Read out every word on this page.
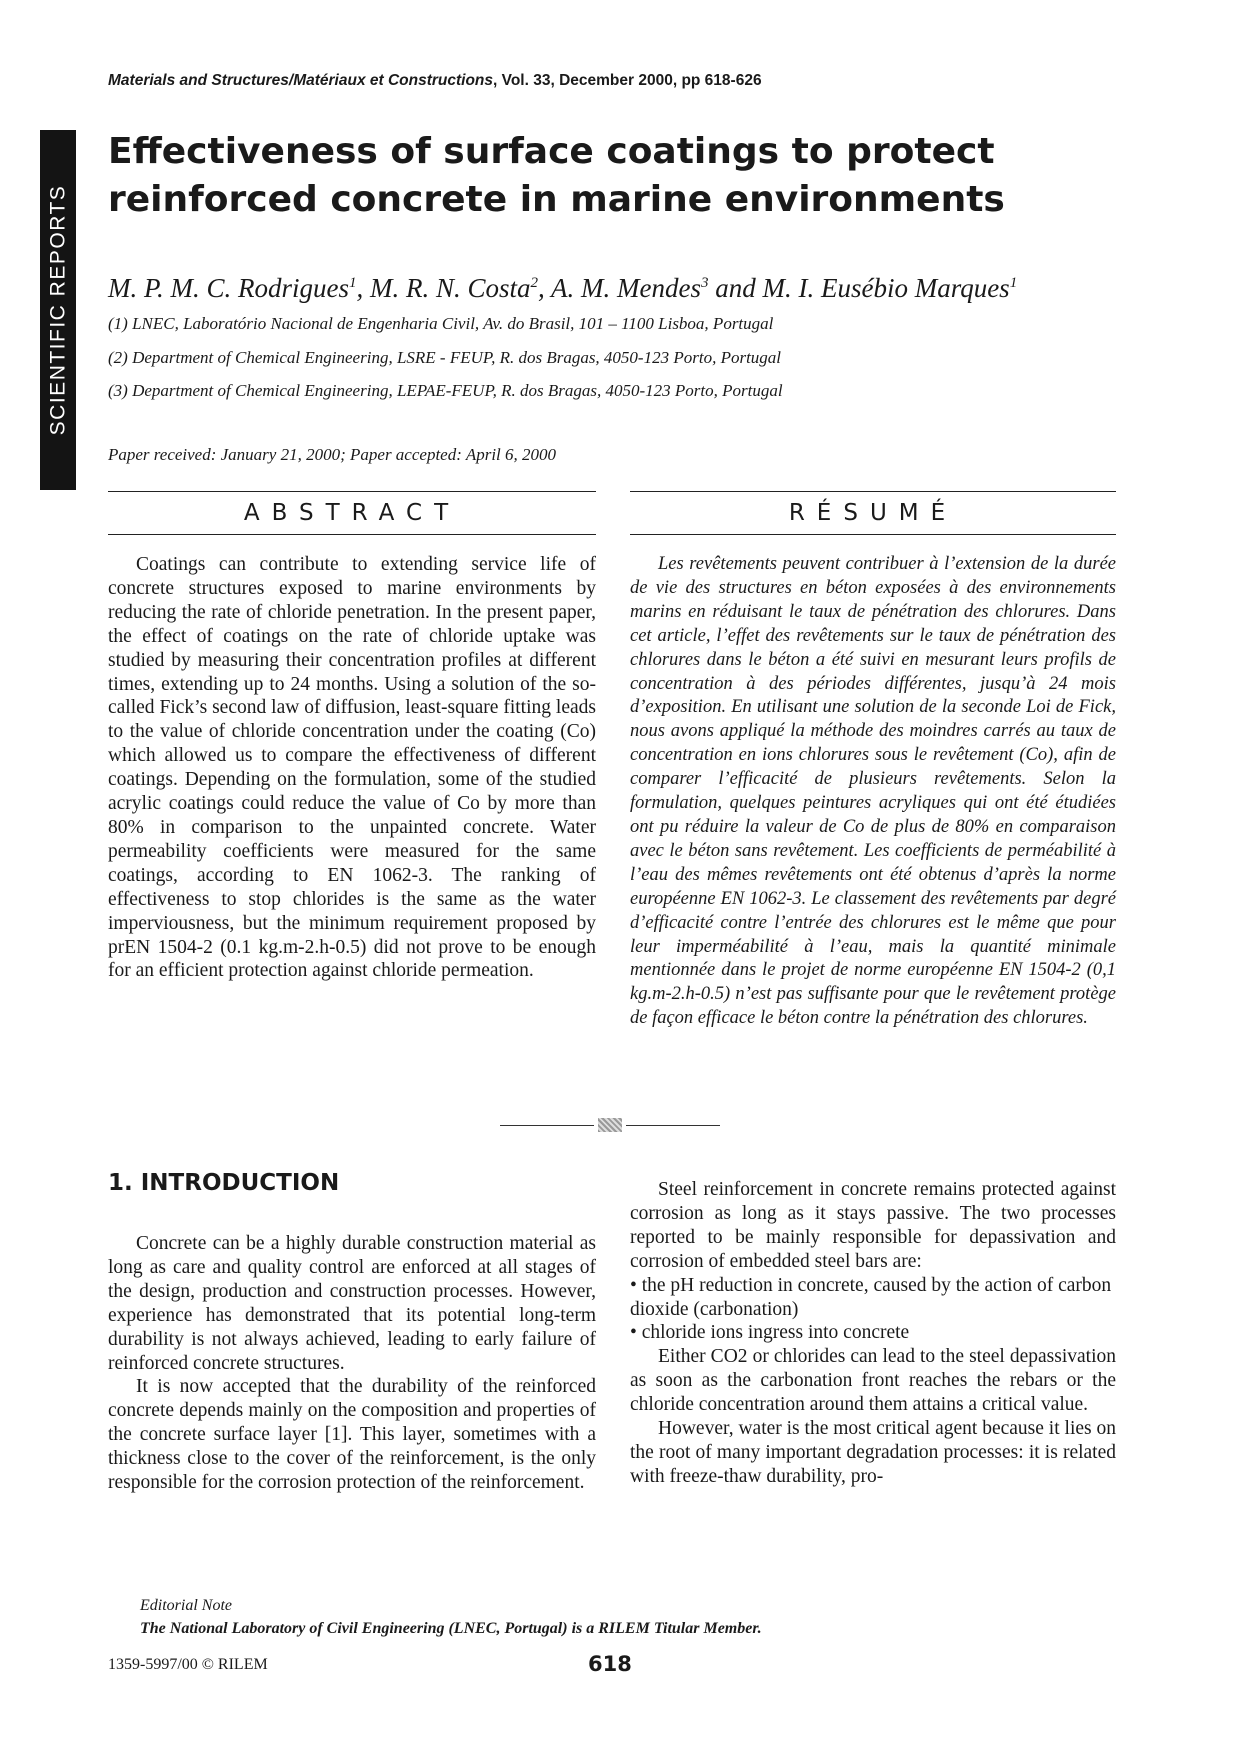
SCIENTIFIC REPORTS
Materials and Structures/Matériaux et Constructions, Vol. 33, December 2000, pp 618-626
Effectiveness of surface coatings to protect reinforced concrete in marine environments
M. P. M. C. Rodrigues$^1$, M. R. N. Costa$^2$, A. M. Mendes$^3$ and M. I. Eusébio Marques$^1$
(1) LNEC, Laboratório Nacional de Engenharia Civil, Av. do Brasil, 101 – 1100 Lisboa, Portugal
(2) Department of Chemical Engineering, LSRE - FEUP, R. dos Bragas, 4050-123 Porto, Portugal
(3) Department of Chemical Engineering, LEPAE-FEUP, R. dos Bragas, 4050-123 Porto, Portugal
Paper received: January 21, 2000; Paper accepted: April 6, 2000
ABSTRACT	RÉSUMÉ

Coatings can contribute to extending service life of concrete structures exposed to marine environments by reducing the rate of chloride penetration. In the present paper, the effect of coatings on the rate of chloride uptake was studied by measuring their concentration profiles at different times, extending up to 24 months. Using a solution of the so-called Fick’s second law of diffusion, least-square fitting leads to the value of chloride concentration under the coating (Co) which allowed us to compare the effectiveness of different coatings. Depending on the formulation, some of the studied acrylic coatings could reduce the value of Co by more than 80% in comparison to the unpainted concrete. Water permeability coefficients were measured for the same coatings, according to EN 1062-3. The ranking of effectiveness to stop chlorides is the same as the water imperviousness, but the minimum requirement proposed by prEN 1504-2 (0.1 kg.m-2.h-0.5) did not prove to be enough for an efficient protection against chloride permeation.

Les revêtements peuvent contribuer à l’extension de la durée de vie des structures en béton exposées à des environnements marins en réduisant le taux de pénétration des chlorures. Dans cet article, l’effet des revêtements sur le taux de pénétration des chlorures dans le béton a été suivi en mesurant leurs profils de concentration à des périodes différentes, jusqu’à 24 mois d’exposition. En utilisant une solution de la seconde Loi de Fick, nous avons appliqué la méthode des moindres carrés au taux de concentration en ions chlorures sous le revêtement (Co), afin de comparer l’efficacité de plusieurs revêtements. Selon la formulation, quelques peintures acryliques qui ont été étudiées ont pu réduire la valeur de Co de plus de 80% en comparaison avec le béton sans revêtement. Les coefficients de perméabilité à l’eau des mêmes revêtements ont été obtenus d’après la norme européenne EN 1062-3. Le classement des revêtements par degré d’efficacité contre l’entrée des chlorures est le même que pour leur imperméabilité à l’eau, mais la quantité minimale mentionnée dans le projet de norme européenne EN 1504-2 (0,1 kg.m-2.h-0.5) n’est pas suffisante pour que le revêtement protège de façon efficace le béton contre la pénétration des chlorures.

1. INTRODUCTION

Concrete can be a highly durable construction material as long as care and quality control are enforced at all stages of the design, production and construction processes. However, experience has demonstrated that its potential long-term durability is not always achieved, leading to early failure of reinforced concrete structures.

It is now accepted that the durability of the reinforced concrete depends mainly on the composition and properties of the concrete surface layer [1]. This layer, sometimes with a thickness close to the cover of the reinforcement, is the only responsible for the corrosion protection of the reinforcement.

Steel reinforcement in concrete remains protected against corrosion as long as it stays passive. The two processes reported to be mainly responsible for depassivation and corrosion of embedded steel bars are:

• the pH reduction in concrete, caused by the action of carbon dioxide (carbonation)

• chloride ions ingress into concrete

Either CO2 or chlorides can lead to the steel depassivation as soon as the carbonation front reaches the rebars or the chloride concentration around them attains a critical value.

However, water is the most critical agent because it lies on the root of many important degradation processes: it is related with freeze-thaw durability, pro-

Editorial Note
The National Laboratory of Civil Engineering (LNEC, Portugal) is a RILEM Titular Member.
1359-5997/00 © RILEM	618
